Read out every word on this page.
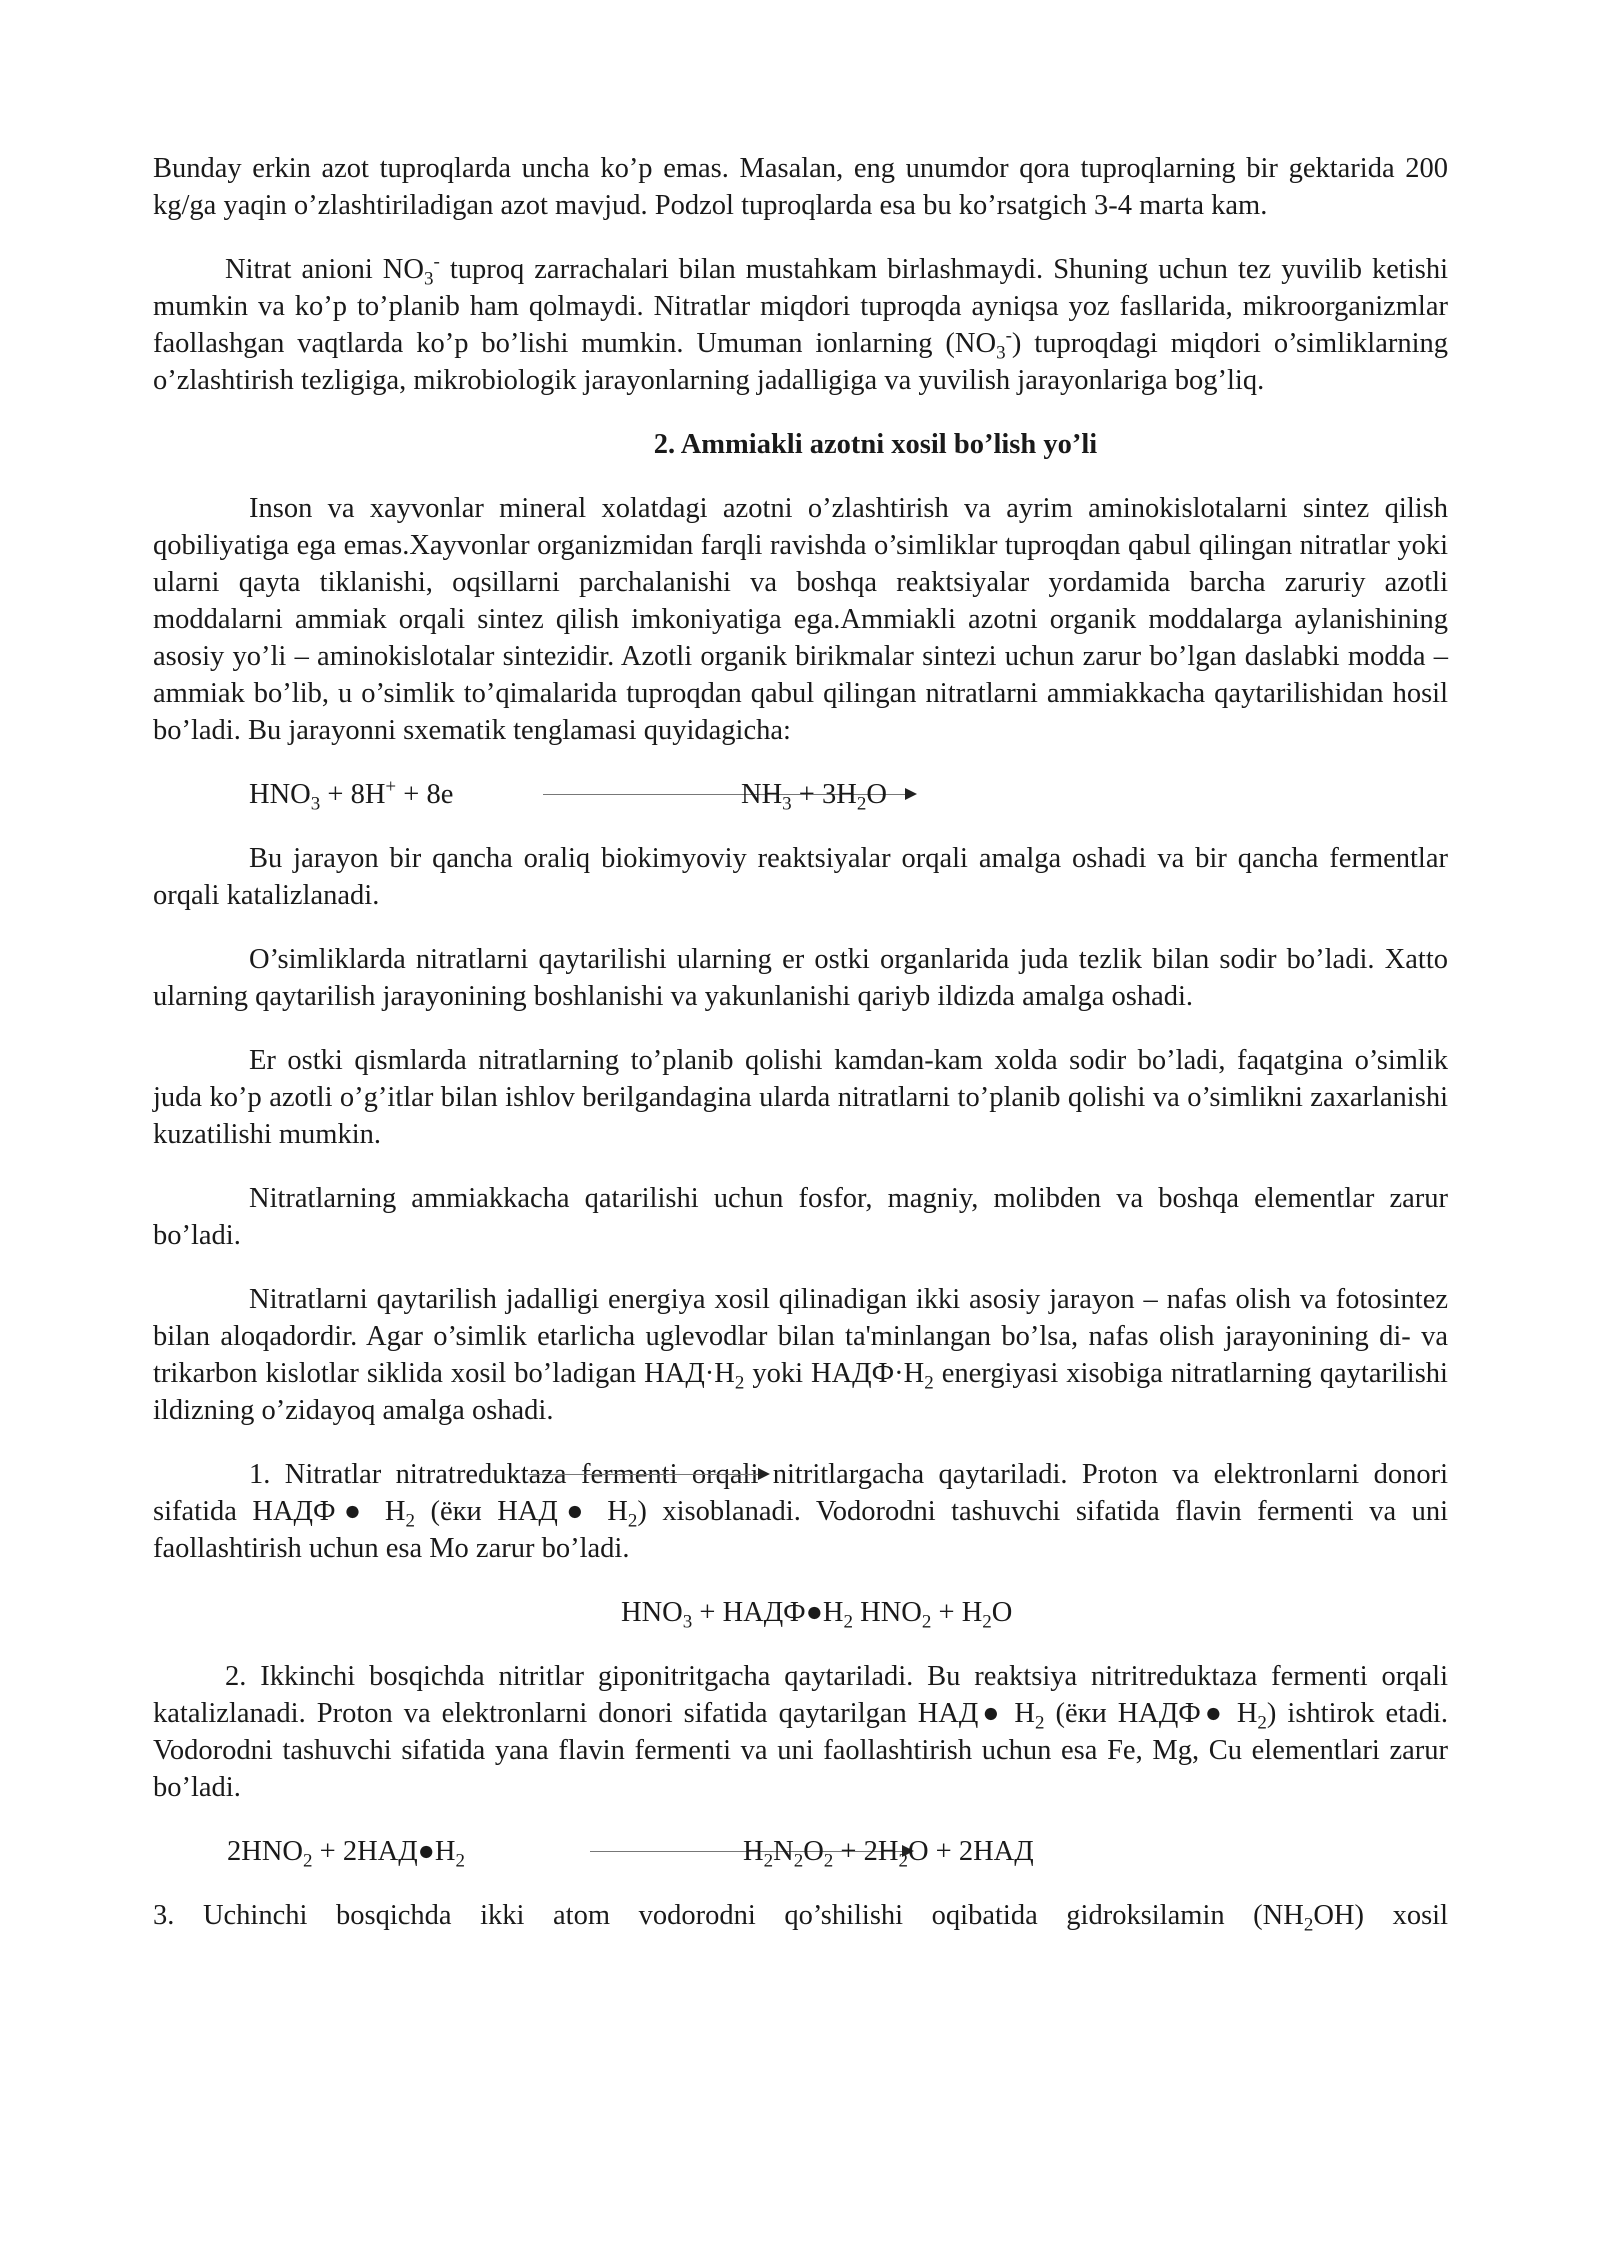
Bunday erkin azot tuproqlarda uncha ko’p emas. Masalan, eng unumdor qora tuproqlarning bir gektarida 200 kg/ga yaqin o’zlashtiriladigan azot mavjud. Podzol tuproqlarda esa bu ko’rsatgich 3-4 marta kam.

Nitrat anioni $NO_3^-$ tuproq zarrachalari bilan mustahkam birlashmaydi. Shuning uchun tez yuvilib ketishi mumkin va ko’p to’planib ham qolmaydi. Nitratlar miqdori tuproqda ayniqsa yoz fasllarida, mikroorganizmlar faollashgan vaqtlarda ko’p bo’lishi mumkin. Umuman ionlarning $(NO_3^-)$ tuproqdagi miqdori o’simliklarning o’zlashtirish tezligiga, mikrobiologik jarayonlarning jadalligiga va yuvilish jarayonlariga bog’liq.

2. Ammiakli azotni xosil bo’lish yo’li

Inson va xayvonlar mineral xolatdagi azotni o’zlashtirish va ayrim aminokislotalarni sintez qilish qobiliyatiga ega emas.Xayvonlar organizmidan farqli ravishda o’simliklar tuproqdan qabul qilingan nitratlar yoki ularni qayta tiklanishi, oqsillarni parchalanishi va boshqa reaktsiyalar yordamida barcha zaruriy azotli moddalarni ammiak orqali sintez qilish imkoniyatiga ega.Ammiakli azotni organik moddalarga aylanishining asosiy yo’li – aminokislotalar sintezidir. Azotli organik birikmalar sintezi uchun zarur bo’lgan daslabki modda – ammiak bo’lib, u o’simlik to’qimalarida tuproqdan qabul qilingan nitratlarni ammiakkacha qaytarilishidan hosil bo’ladi. Bu jarayonni sxematik tenglamasi quyidagicha:

$HNO_3 + 8H^+ + 8e$	$NH_3 + 3H_2O$

Bu jarayon bir qancha oraliq biokimyoviy reaktsiyalar orqali amalga oshadi va bir qancha fermentlar orqali katalizlanadi.

O’simliklarda nitratlarni qaytarilishi ularning er ostki organlarida juda tezlik bilan sodir bo’ladi. Xatto ularning qaytarilish jarayonining boshlanishi va yakunlanishi qariyb ildizda amalga oshadi.

Er ostki qismlarda nitratlarning to’planib qolishi kamdan-kam xolda sodir bo’ladi, faqatgina o’simlik juda ko’p azotli o’g’itlar bilan ishlov berilgandagina ularda nitratlarni to’planib qolishi va o’simlikni zaxarlanishi kuzatilishi mumkin.

Nitratlarning ammiakkacha qatarilishi uchun fosfor, magniy, molibden va boshqa elementlar zarur bo’ladi.

Nitratlarni qaytarilish jadalligi energiya xosil qilinadigan ikki asosiy jarayon – nafas olish va fotosintez bilan aloqadordir. Agar o’simlik etarlicha uglevodlar bilan ta'minlangan bo’lsa, nafas olish jarayonining di- va trikarbon kislotlar siklida xosil bo’ladigan $НАД\cdot Н_2$ yoki $НАДФ\cdot Н_2$ energiyasi xisobiga nitratlarning qaytarilishi ildizning o’zidayoq amalga oshadi.

1. Nitratlar nitratreduktaza fermenti orqali nitritlargacha qaytariladi. Proton va elektronlarni donori sifatida НАДФ● $Н_2$ (ёки НАД● $Н_2$) xisoblanadi. Vodorodni tashuvchi sifatida flavin fermenti va uni faollashtirish uchun esa Mo zarur bo’ladi.

$HNO_3$ + $НАДФ●Н_2$ $HNO_2 + H_2O$

2. Ikkinchi bosqichda nitritlar giponitritgacha qaytariladi. Bu reaktsiya nitritreduktaza fermenti orqali katalizlanadi. Proton va elektronlarni donori sifatida qaytarilgan НАД● $Н_2$ (ёки НАДФ● $Н_2$) ishtirok etadi. Vodorodni tashuvchi sifatida yana flavin fermenti va uni faollashtirish uchun esa Fe, Mg, Cu elementlari zarur bo’ladi.

$2HNO_2$ + $2НАД●Н_2$	$H_2N_2O_2 + 2H_2O + 2НАД$

3. Uchinchi bosqichda ikki atom vodorodni qo’shilishi oqibatida gidroksilamin $(NH_2OH)$ xosil
